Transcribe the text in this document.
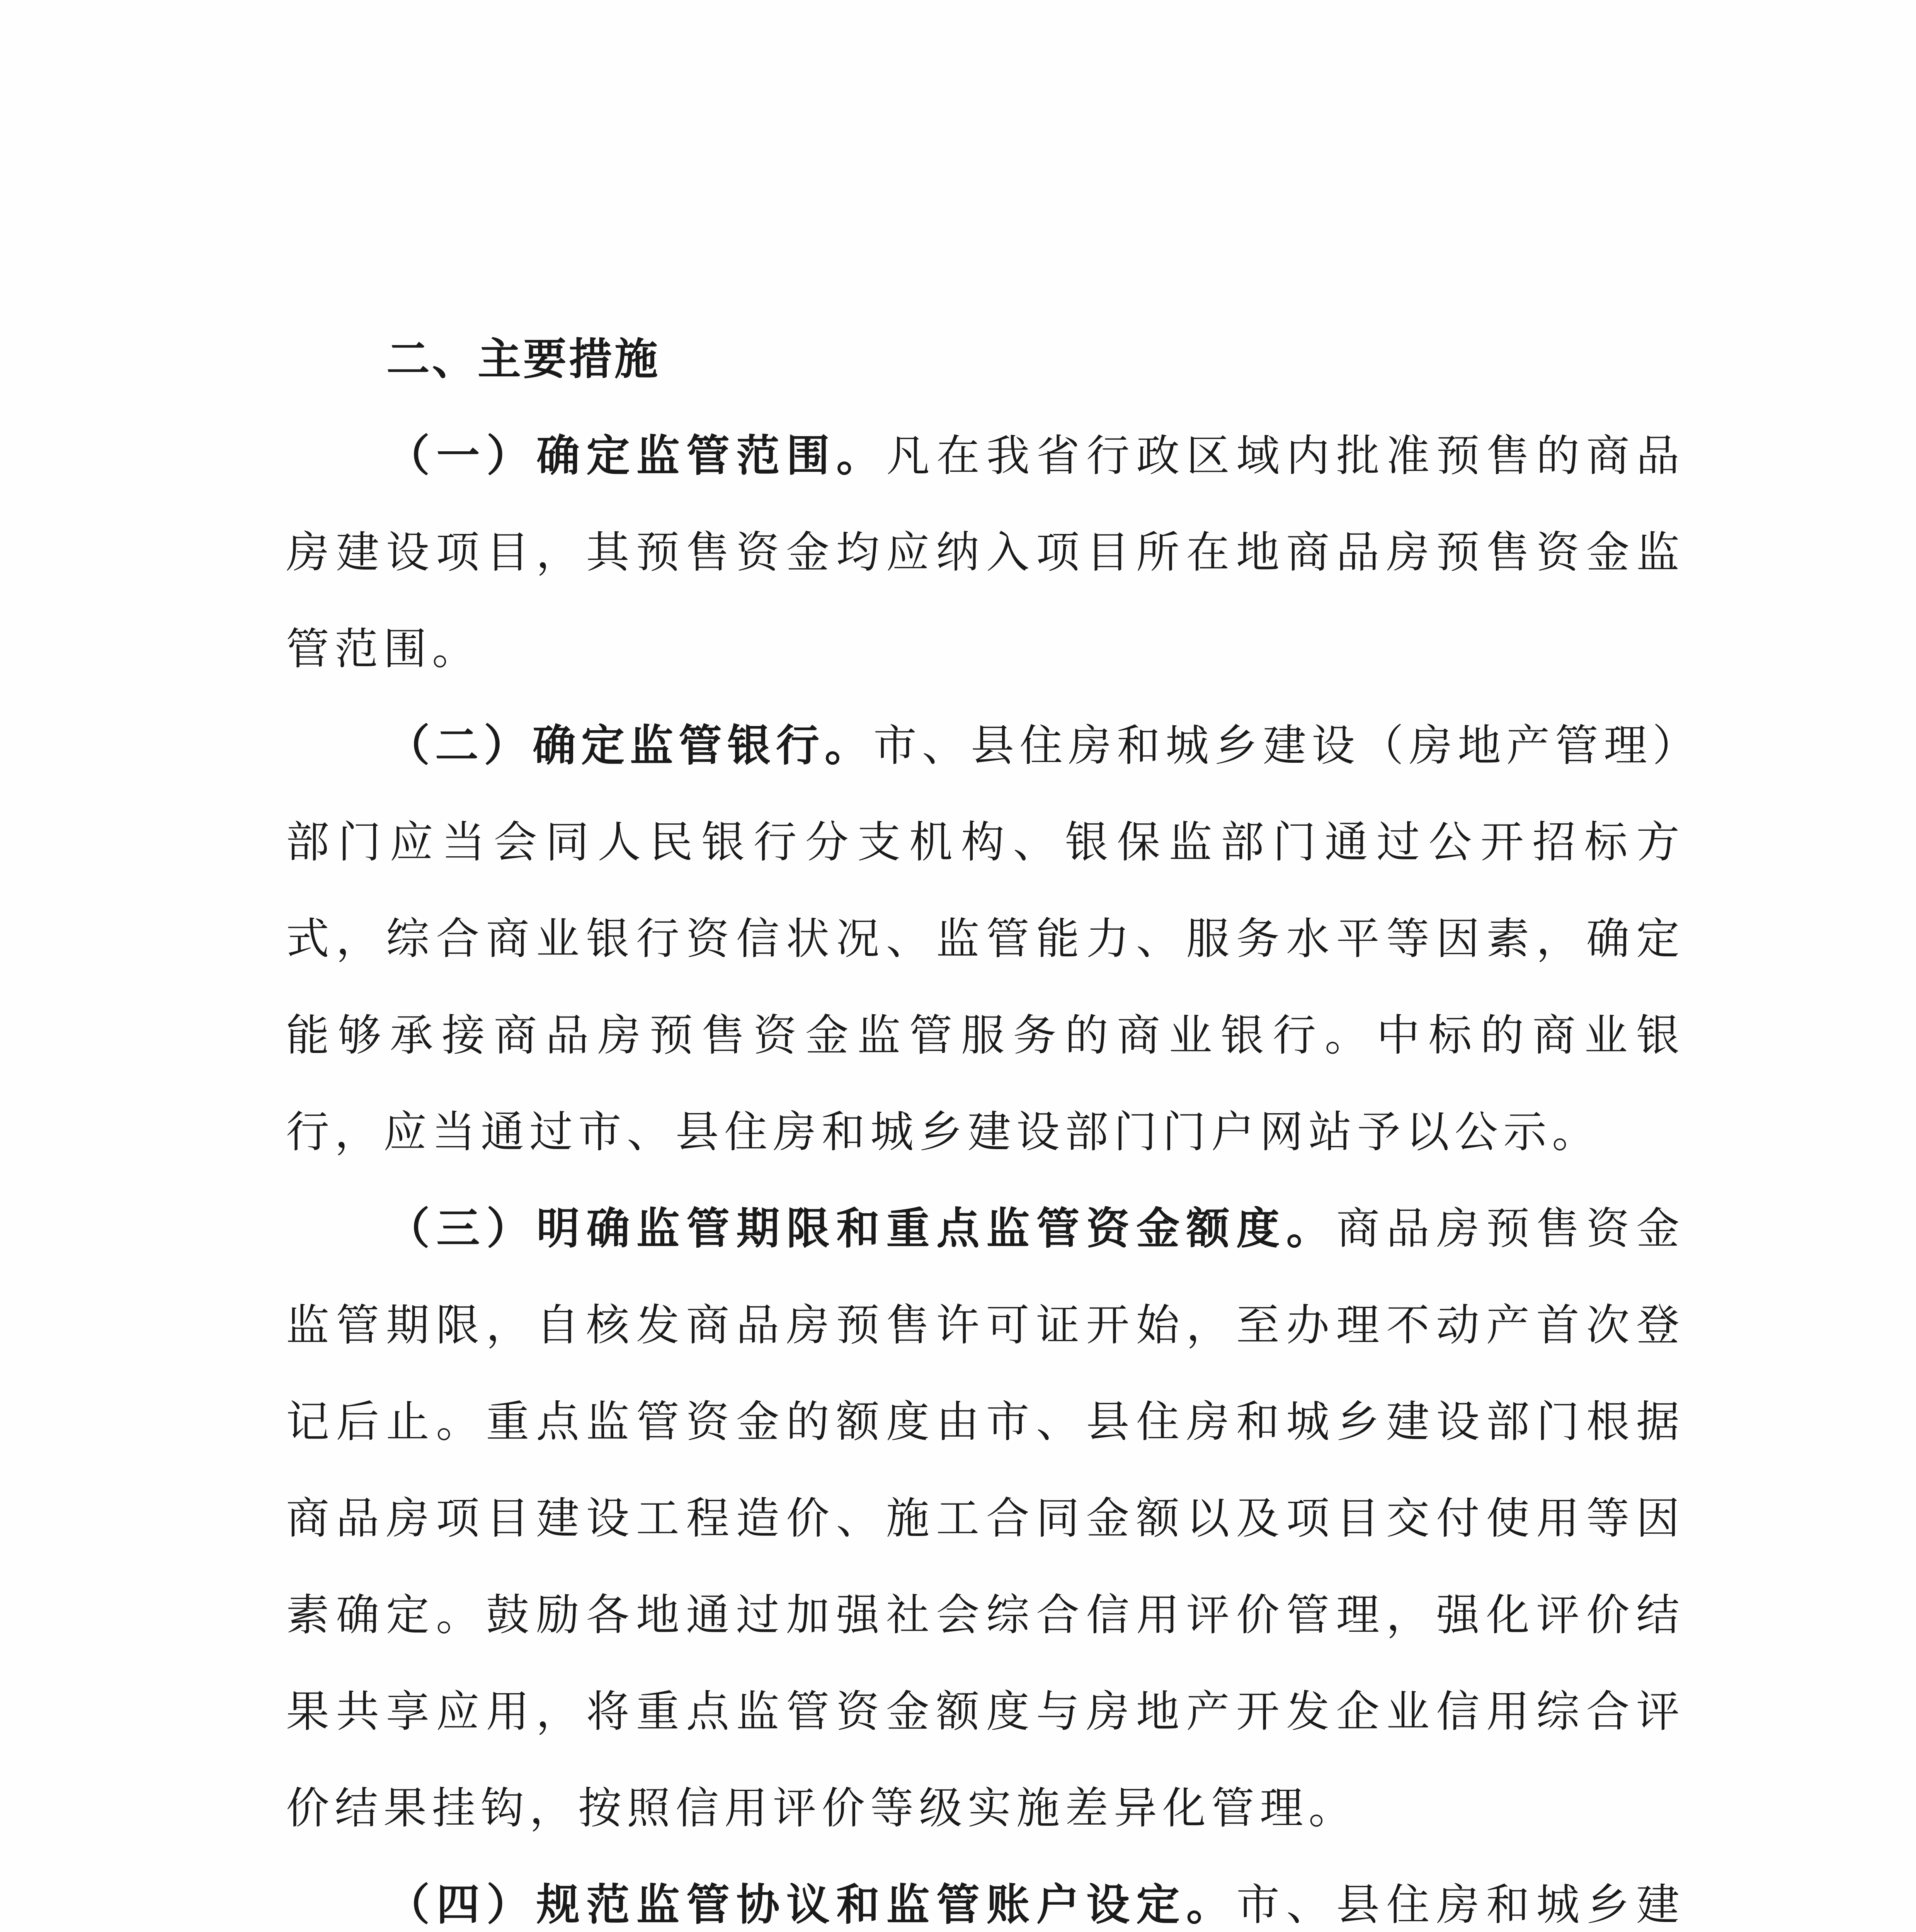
二、主要措施
（一）确定监管范围。凡在我省行政区域内批准预售的商品
房建设项目，其预售资金均应纳入项目所在地商品房预售资金监
管范围。
（二）确定监管银行。市、县住房和城乡建设（房地产管理）
部门应当会同人民银行分支机构、银保监部门通过公开招标方
式，综合商业银行资信状况、监管能力、服务水平等因素，确定
能够承接商品房预售资金监管服务的商业银行。中标的商业银
行，应当通过市、县住房和城乡建设部门门户网站予以公示。
（三）明确监管期限和重点监管资金额度。商品房预售资金
监管期限，自核发商品房预售许可证开始，至办理不动产首次登
记后止。重点监管资金的额度由市、县住房和城乡建设部门根据
商品房项目建设工程造价、施工合同金额以及项目交付使用等因
素确定。鼓励各地通过加强社会综合信用评价管理，强化评价结
果共享应用，将重点监管资金额度与房地产开发企业信用综合评
价结果挂钩，按照信用评价等级实施差异化管理。
（四）规范监管协议和监管账户设定。市、县住房和城乡建
